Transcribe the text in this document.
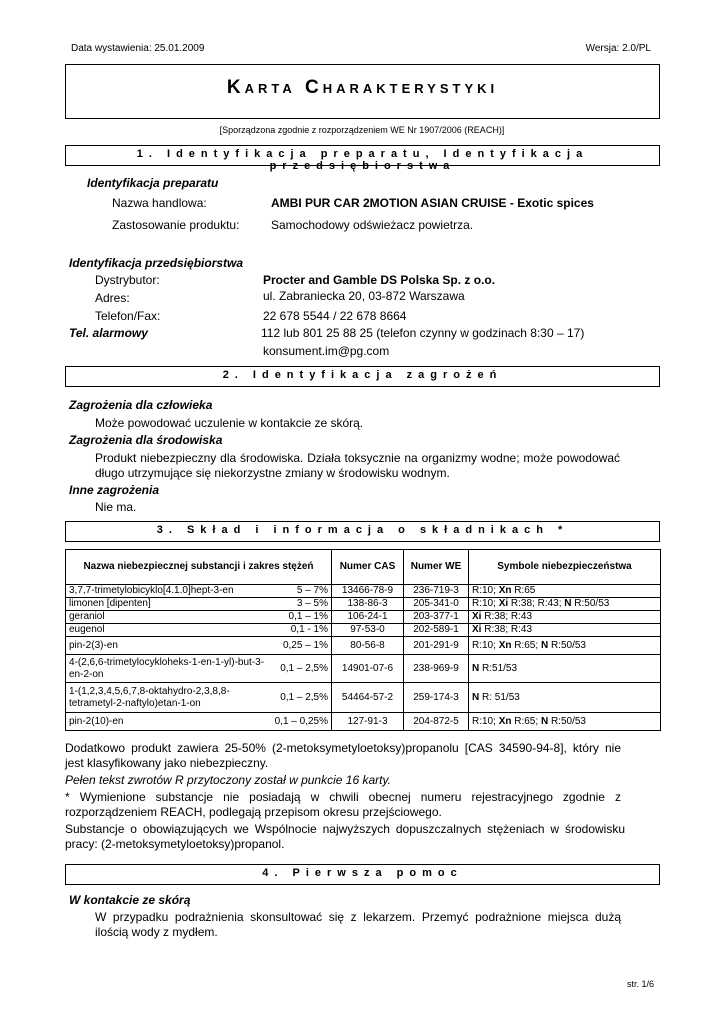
Data wystawienia: 25.01.2009	Wersja: 2.0/PL
Karta Charakterystyki
[Sporządzona zgodnie z rozporządzeniem WE Nr 1907/2006 (REACH)]
1. Identyfikacja preparatu, Identyfikacja przedsiębiorstwa
Identyfikacja preparatu
Nazwa handlowa:	AMBI PUR CAR 2MOTION ASIAN CRUISE - Exotic spices
Zastosowanie produktu:	Samochodowy odświeżacz powietrza.
Identyfikacja przedsiębiorstwa
Dystrybutor:	Procter and Gamble DS Polska Sp. z o.o.
Adres:	ul. Zabraniecka 20, 03-872 Warszawa
Telefon/Fax:	22 678 5544 / 22 678 8664
Tel. alarmowy	112 lub 801 25 88 25 (telefon czynny w godzinach 8:30 – 17)
konsument.im@pg.com
2. Identyfikacja zagrożeń
Zagrożenia dla człowieka
Może powodować uczulenie w kontakcie ze skórą.
Zagrożenia dla środowiska
Produkt niebezpieczny dla środowiska. Działa toksycznie na organizmy wodne; może powodować długo utrzymujące się niekorzystne zmiany w środowisku wodnym.
Inne zagrożenia
Nie ma.
3. Skład i informacja o składnikach *
Nazwa niebezpiecznej substancji i zakres stężeń	Numer CAS	Numer WE	Symbole niebezpieczeństwa

3,7,7-trimetylobicyklo[4.1.0]hept-3-en 5 – 7%	13466-78-9	236-719-3	R:10; Xn R:65

limonen [dipenten] 3 – 5%	138-86-3	205-341-0	R:10; Xi R:38; R:43; N R:50/53

geraniol 0,1 – 1%	106-24-1	203-377-1	Xi R:38; R:43

eugenol 0,1 - 1%	97-53-0	202-589-1	Xi R:38; R:43

pin-2(3)-en 0,25 – 1%	80-56-8	201-291-9	R:10; Xn R:65; N R:50/53

4-(2,6,6-trimetylocykloheks-1-en-1-yl)-but-3-en-2-on
0,1 – 2,5%	14901-07-6	238-969-9	N R:51/53

1-(1,2,3,4,5,6,7,8-oktahydro-2,3,8,8-tetrametyl-2-naftylo)etan-1-on
0,1 – 2,5%	54464-57-2	259-174-3	N R: 51/53

pin-2(10)-en 0,1 – 0,25%	127-91-3	204-872-5	R:10; Xn R:65; N R:50/53
Dodatkowo produkt zawiera 25-50% (2-metoksymetyloetoksy)propanolu [CAS 34590-94-8], który nie jest klasyfikowany jako niebezpieczny.
Pełen tekst zwrotów R przytoczony został w punkcie 16 karty.
* Wymienione substancje nie posiadają w chwili obecnej numeru rejestracyjnego zgodnie z rozporządzeniem REACH, podlegają przepisom okresu przejściowego.
Substancje o obowiązujących we Wspólnocie najwyższych dopuszczalnych stężeniach w środowisku pracy: (2-metoksymetyloetoksy)propanol.
4. Pierwsza pomoc
W kontakcie ze skórą
W przypadku podrażnienia skonsultować się z lekarzem. Przemyć podrażnione miejsca dużą ilością wody z mydłem.
str. 1/6
